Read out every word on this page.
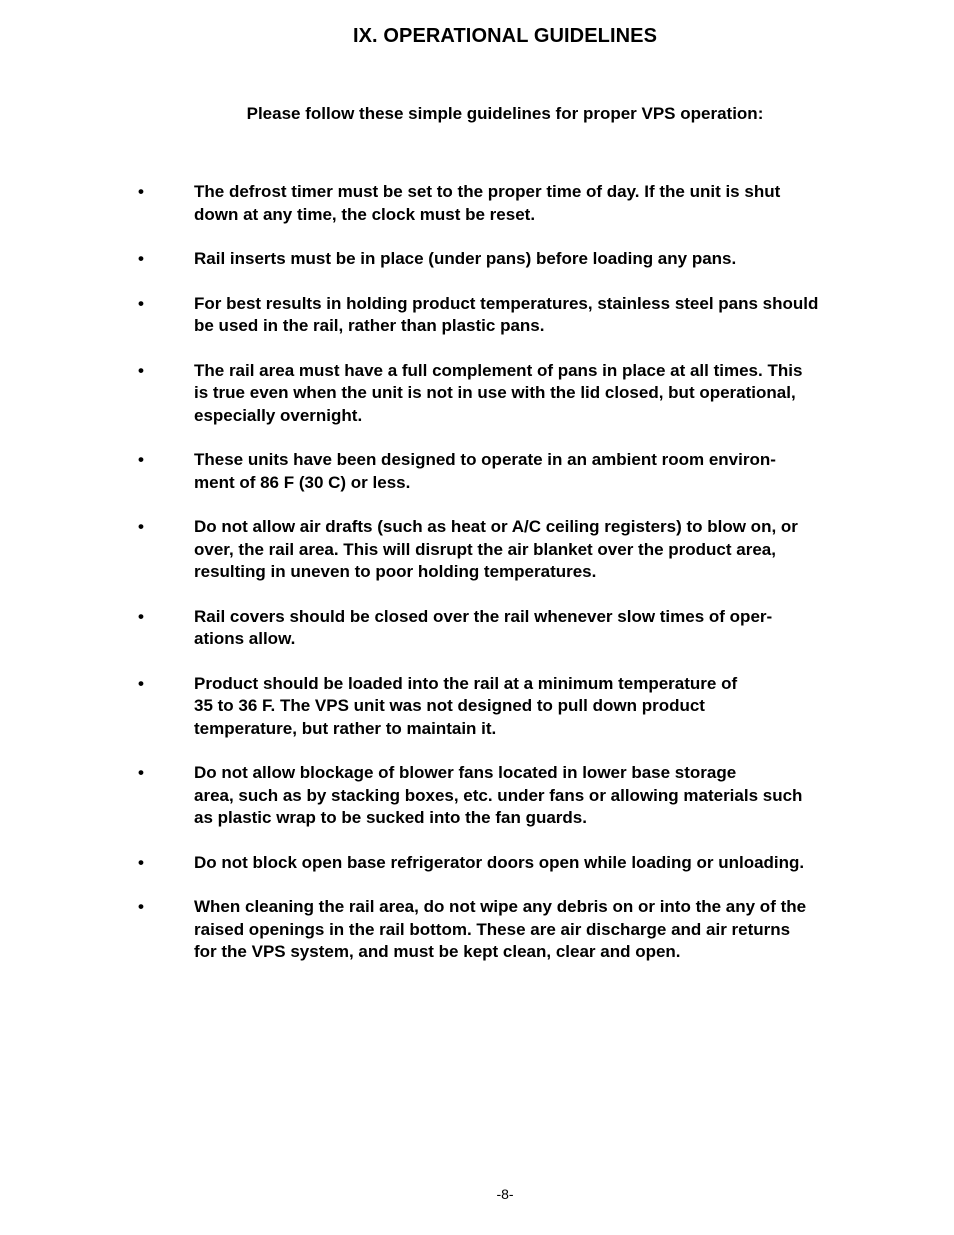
IX. OPERATIONAL GUIDELINES

Please follow these simple guidelines for proper VPS operation:

•	The defrost timer must be set to the proper time of day. If the unit is shut
down at any time, the clock must be reset.

•	Rail inserts must be in place (under pans) before loading any pans.

•	For best results in holding product temperatures, stainless steel pans should
be used in the rail, rather than plastic pans.

•	The rail area must have a full complement of pans in place at all times. This
is true even when the unit is not in use with the lid closed, but operational,
especially overnight.

•	These units have been designed to operate in an ambient room environ-
ment of 86 F (30 C) or less.

•	Do not allow air drafts (such as heat or A/C ceiling registers) to blow on, or
over, the rail area. This will disrupt the air blanket over the product area,
resulting in uneven to poor holding temperatures.

•	Rail covers should be closed over the rail whenever slow times of oper-
ations allow.

•	Product should be loaded into the rail at a minimum temperature of
35 to 36 F. The VPS unit was not designed to pull down product
temperature, but rather to maintain it.

•	Do not allow blockage of blower fans located in lower base storage
area, such as by stacking boxes, etc. under fans or allowing materials such
as plastic wrap to be sucked into the fan guards.

•	Do not block open base refrigerator doors open while loading or unloading.

•	When cleaning the rail area, do not wipe any debris on or into the any of the
raised openings in the rail bottom. These are air discharge and air returns
for the VPS system, and must be kept clean, clear and open.

-8-
